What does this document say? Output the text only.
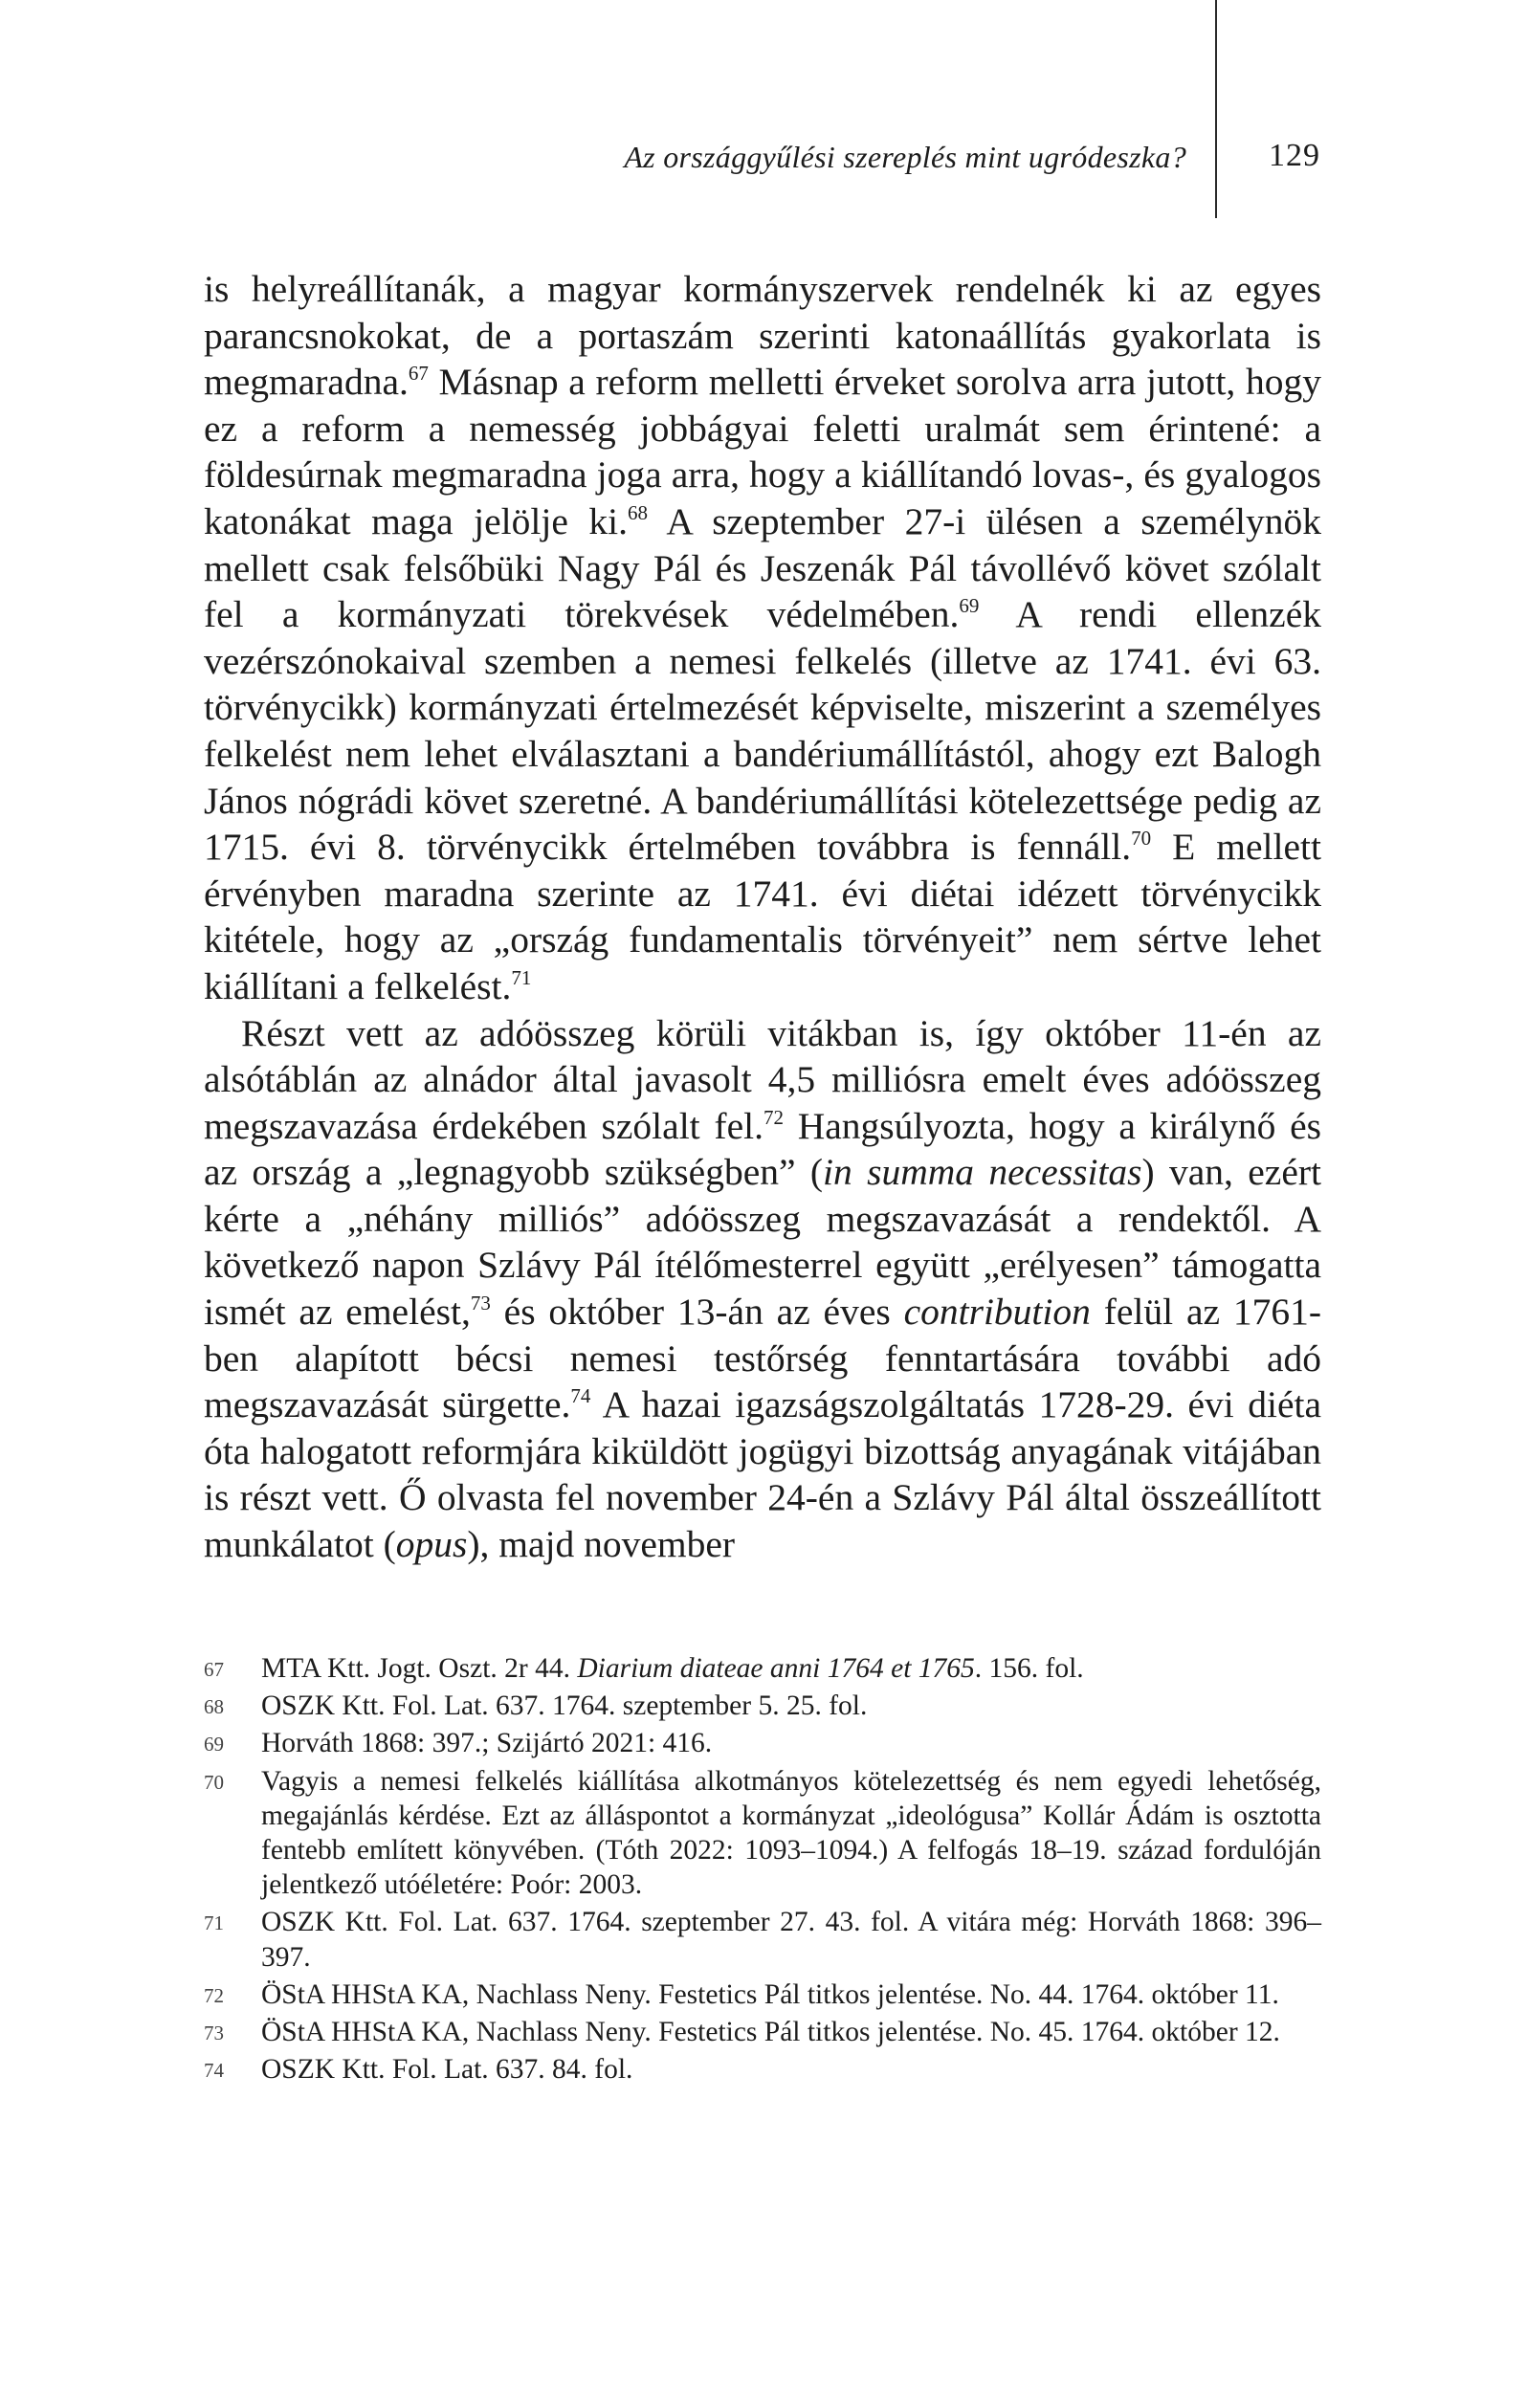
Az országgyűlési szereplés mint ugródeszka?	129

is helyreállítanák, a magyar kormányszervek rendelnék ki az egyes parancsnokokat, de a portaszám szerinti katonaállítás gyakorlata is megmaradna.$^{67}$ Másnap a reform melletti érveket sorolva arra jutott, hogy ez a reform a nemesség jobbágyai feletti uralmát sem érintené: a földesúrnak megmaradna joga arra, hogy a kiállítandó lovas-, és gyalogos katonákat maga jelölje ki.$^{68}$ A szeptember 27-i ülésen a személynök mellett csak felsőbüki Nagy Pál és Jeszenák Pál távollévő követ szólalt fel a kormányzati törekvések védelmében.$^{69}$ A rendi ellenzék vezérszónokaival szemben a nemesi felkelés (illetve az 1741. évi 63. törvénycikk) kormányzati értelmezését képviselte, miszerint a személyes felkelést nem lehet elválasztani a bandériumállítástól, ahogy ezt Balogh János nógrádi követ szeretné. A bandériumállítási kötelezettsége pedig az 1715. évi 8. törvénycikk értelmében továbbra is fennáll.$^{70}$ E mellett érvényben maradna szerinte az 1741. évi diétai idézett törvénycikk kitétele, hogy az „ország fundamentalis törvényeit” nem sértve lehet kiállítani a felkelést.$^{71}$

Részt vett az adóösszeg körüli vitákban is, így október 11-én az alsótáblán az alnádor által javasolt 4,5 milliósra emelt éves adóösszeg megszavazása érdekében szólalt fel.$^{72}$ Hangsúlyozta, hogy a királynő és az ország a „legnagyobb szükségben” (in summa necessitas) van, ezért kérte a „néhány milliós” adóösszeg megszavazását a rendektől. A következő napon Szlávy Pál ítélőmesterrel együtt „erélyesen” támogatta ismét az emelést,$^{73}$ és október 13-án az éves contribution felül az 1761-ben alapított bécsi nemesi testőrség fenntartására további adó megszavazását sürgette.$^{74}$ A hazai igazságszolgáltatás 1728-29. évi diéta óta halogatott reformjára kiküldött jogügyi bizottság anyagának vitájában is részt vett. Ő olvasta fel november 24-én a Szlávy Pál által összeállított munkálatot (opus), majd november

67 MTA Ktt. Jogt. Oszt. 2r 44. Diarium diateae anni 1764 et 1765. 156. fol.

68 OSZK Ktt. Fol. Lat. 637. 1764. szeptember 5. 25. fol.

69 Horváth 1868: 397.; Szijártó 2021: 416.

70 Vagyis a nemesi felkelés kiállítása alkotmányos kötelezettség és nem egyedi lehetőség, megajánlás kérdése. Ezt az álláspontot a kormányzat „ideológusa” Kollár Ádám is osztotta fentebb említett könyvében. (Tóth 2022: 1093–1094.) A felfogás 18–19. század fordulóján jelentkező utóéletére: Poór: 2003.

71 OSZK Ktt. Fol. Lat. 637. 1764. szeptember 27. 43. fol. A vitára még: Horváth 1868: 396–397.

72 ÖStA HHStA KA, Nachlass Neny. Festetics Pál titkos jelentése. No. 44. 1764. október 11.

73 ÖStA HHStA KA, Nachlass Neny. Festetics Pál titkos jelentése. No. 45. 1764. október 12.

74 OSZK Ktt. Fol. Lat. 637. 84. fol.
